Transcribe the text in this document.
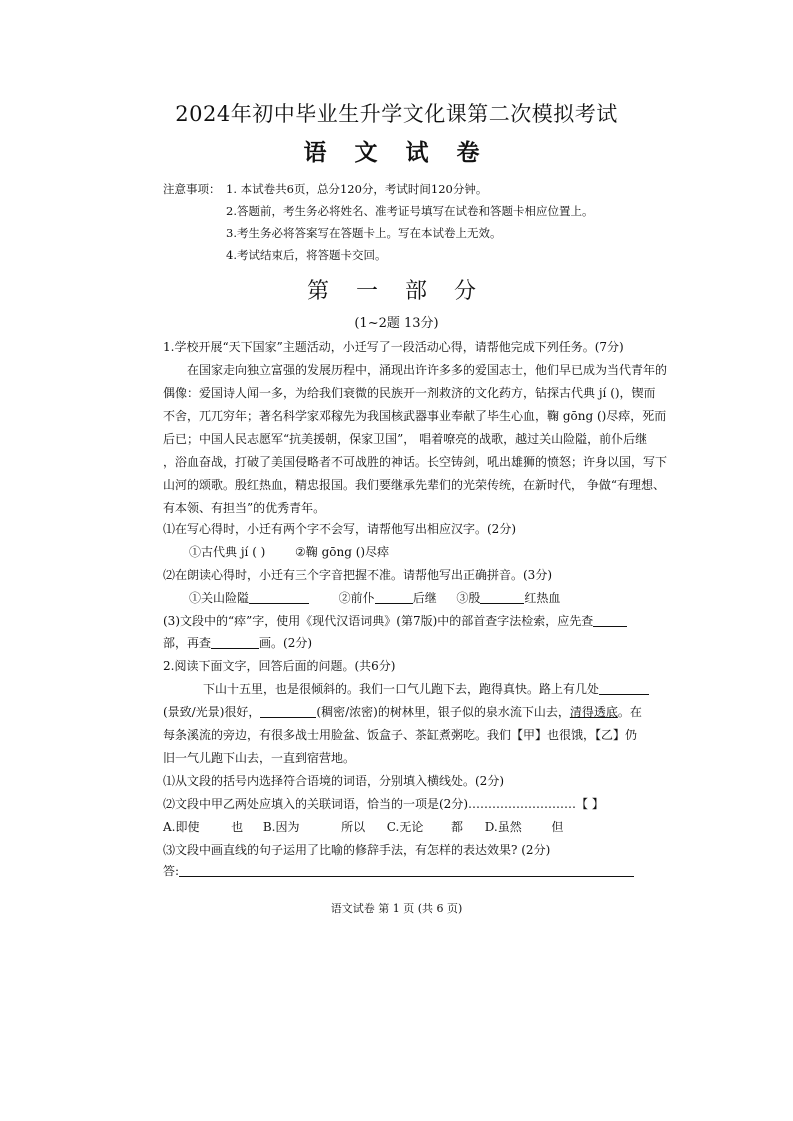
2024年初中毕业生升学文化课第二次模拟考试
语 文 试 卷
注意事项： 1. 本试卷共6页，总分120分，考试时间120分钟。
2.答题前，考生务必将姓名、准考证号填写在试卷和答题卡相应位置上。
3.考生务必将答案写在答题卡上。写在本试卷上无效。
4.考试结束后，将答题卡交回。
第 一 部 分
(1~2题 13分)
1.学校开展“天下国家”主题活动，小迁写了一段活动心得，请帮他完成下列任务。(7分)
在国家走向独立富强的发展历程中，涌现出许许多多的爱国志士，他们早已成为当代青年的
偶像：爱国诗人闻一多，为给我们衰微的民族开一剂救济的文化药方，钻探古代典 jí ()，锲而
不舍，兀兀穷年；著名科学家邓稼先为我国核武器事业奉献了毕生心血，鞠 gōng ()尽瘁，死而
后已；中国人民志愿军“抗美援朝，保家卫国”， 唱着嘹亮的战歌，越过关山险隘，前仆后继
，浴血奋战，打破了美国侵略者不可战胜的神话。长空铸剑，吼出雄狮的愤怒；许身以国，写下
山河的颂歌。殷红热血，精忠报国。我们要继承先辈们的光荣传统，在新时代， 争做“有理想、
有本领、有担当”的优秀青年。
⑴在写心得时，小迁有两个字不会写，请帮他写出相应汉字。(2分)
①古代典 jí ( ) ②鞠 gōng ()尽瘁
⑵在朗读心得时，小迁有三个字音把握不准。请帮他写出正确拼音。(3分)
①关山险隘	②前仆	后继 ③殷	红热血
(3)文段中的“瘁”字，使用《现代汉语词典》(第7版)中的部首查字法检索，应先查
部，再查	画。(2分)
2.阅读下面文字，回答后面的问题。(共6分)
下山十五里，也是很倾斜的。我们一口气儿跑下去，跑得真快。路上有几处
(景致/光景)很好，	(稠密/浓密)的树林里，银子似的泉水流下山去，清得透底。在
每条溪流的旁边，有很多战士用脸盆、饭盒子、茶缸煮粥吃。我们【甲】也很饿，【乙】仍
旧一气儿跑下山去，一直到宿营地。
⑴从文段的括号内选择符合语境的词语，分别填入横线处。(2分)
⑵文段中甲乙两处应填入的关联词语，恰当的一项是(2分)………………………【 】
A.即使	也 B.因为	所以 C.无论 都 D.虽然 但
⑶文段中画直线的句子运用了比喻的修辞手法，有怎样的表达效果? (2分)
答:
语文试卷 第 1 页 (共 6 页)
